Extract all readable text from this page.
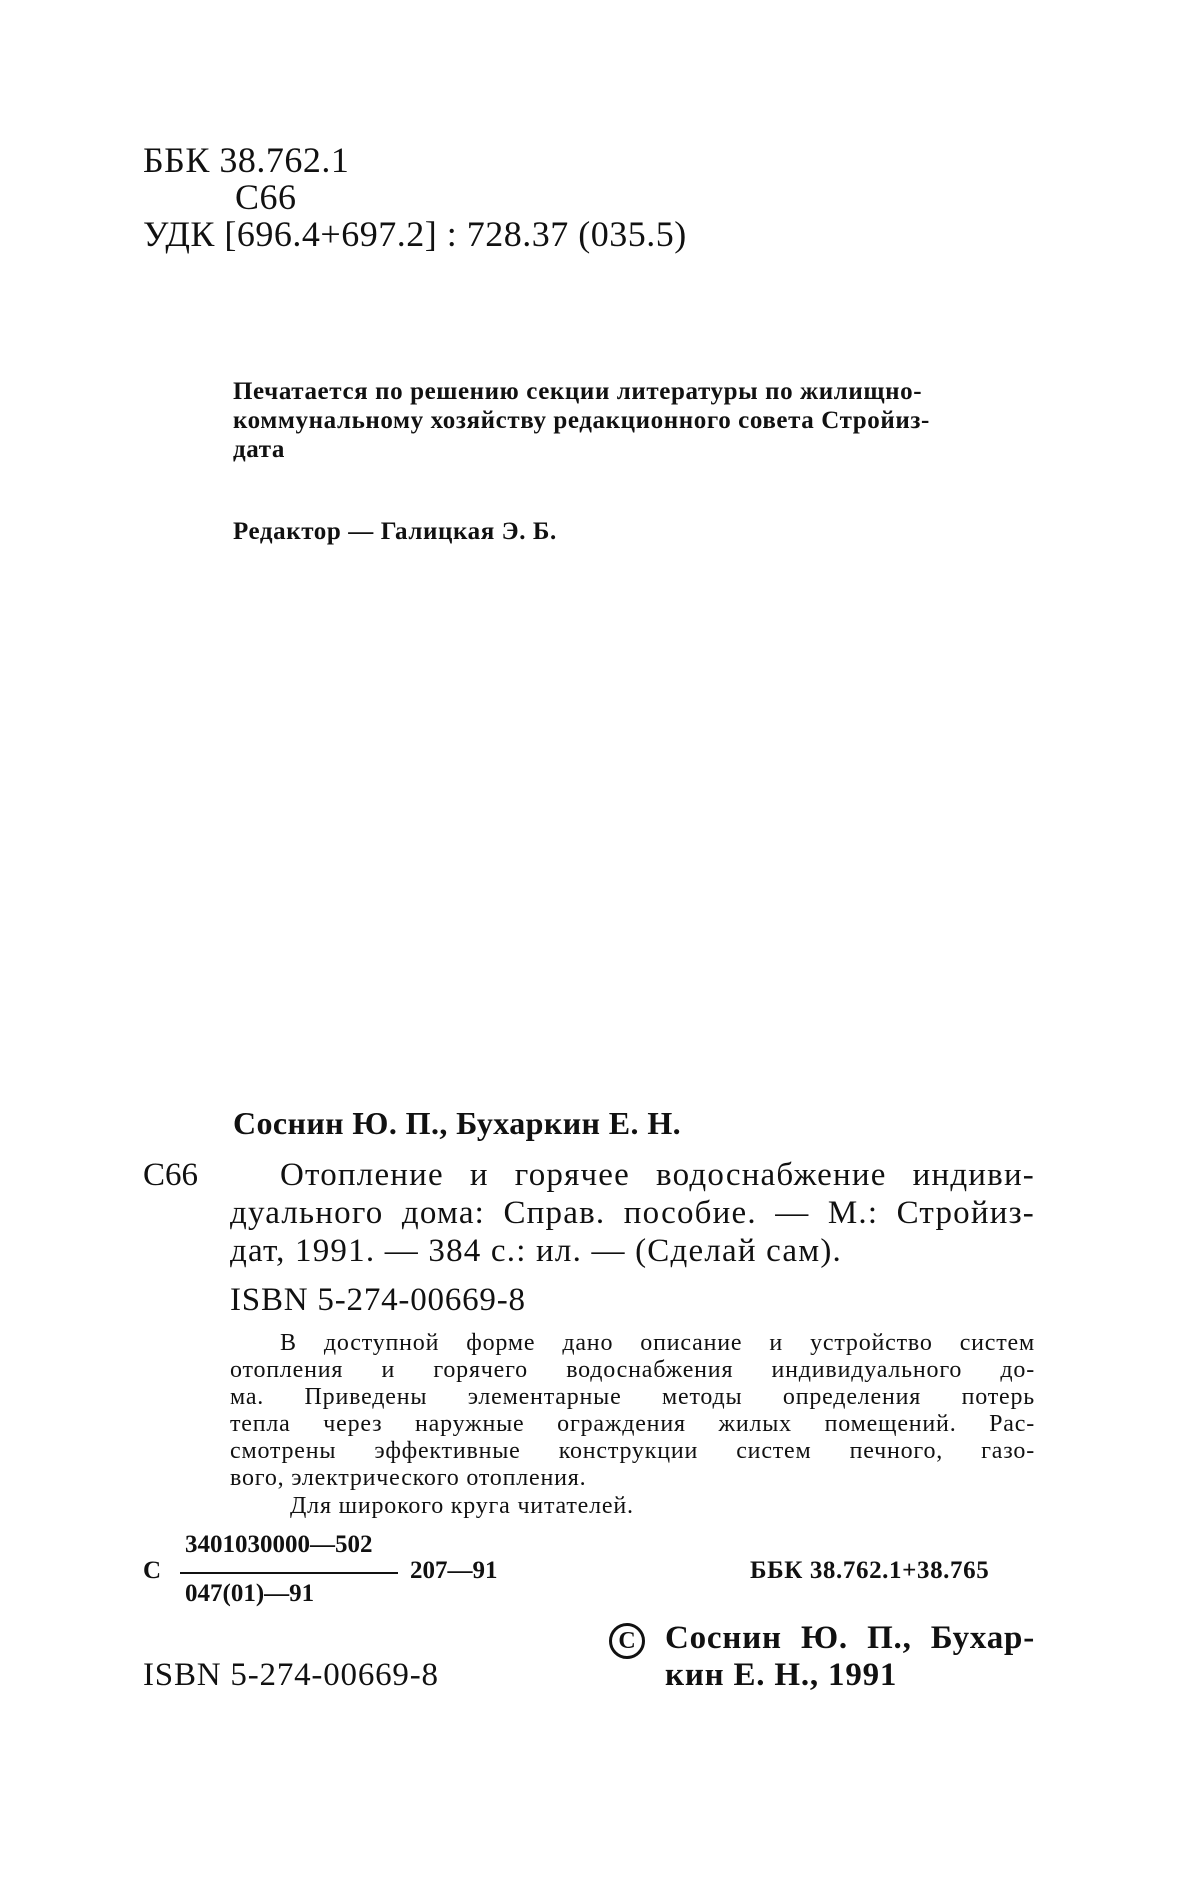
ББК 38.762.1
С66
УДК [696.4+697.2] : 728.37 (035.5)
Печатается по решению секции литературы по жилищно-
коммунальному хозяйству редакционного совета Стройиз-
дата
Редактор — Галицкая Э. Б.
Соснин Ю. П., Бухаркин Е. Н.
С66 Отопление и горячее водоснабжение индиви-
дуального дома: Справ. пособие. — М.: Стройиз-
дат, 1991. — 384 с.: ил. — (Сделай сам).
ISBN 5-274-00669-8
В доступной форме дано описание и устройство систем
отопления и горячего водоснабжения индивидуального до-
ма. Приведены элементарные методы определения потерь
тепла через наружные ограждения жилых помещений. Рас-
смотрены эффективные конструкции систем печного, газо-
вого, электрического отопления.
Для широкого круга читателей.
С
3401030000—502
047(01)—91
207—91	ББК 38.762.1+38.765
C Соснин Ю. П., Бухар-
кин Е. Н., 1991
ISBN 5-274-00669-8
